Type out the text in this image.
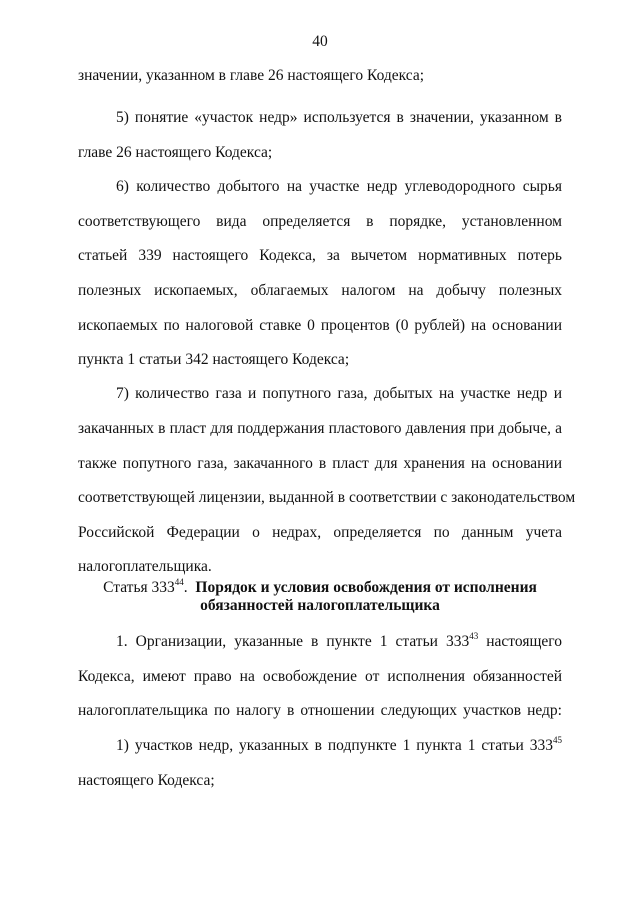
40
значении, указанном в главе 26 настоящего Кодекса;
5) понятие «участок недр» используется в значении, указанном в
главе 26 настоящего Кодекса;
6) количество добытого на участке недр углеводородного сырья
соответствующего вида определяется в порядке, установленном
статьей 339 настоящего Кодекса, за вычетом нормативных потерь
полезных ископаемых, облагаемых налогом на добычу полезных
ископаемых по налоговой ставке 0 процентов (0 рублей) на основании
пункта 1 статьи 342 настоящего Кодекса;
7) количество газа и попутного газа, добытых на участке недр и
закачанных в пласт для поддержания пластового давления при добыче, а
также попутного газа, закачанного в пласт для хранения на основании
соответствующей лицензии, выданной в соответствии с законодательством
Российской Федерации о недрах, определяется по данным учета
налогоплательщика.
Статья $333^{44}$.  Порядок и условия освобождения от исполнения
обязанностей налогоплательщика
1. Организации, указанные в пункте 1 статьи $333^{43}$ настоящего
Кодекса, имеют право на освобождение от исполнения обязанностей
налогоплательщика по налогу в отношении следующих участков недр:
1) участков недр, указанных в подпункте 1 пункта 1 статьи $333^{45}$
настоящего Кодекса;
